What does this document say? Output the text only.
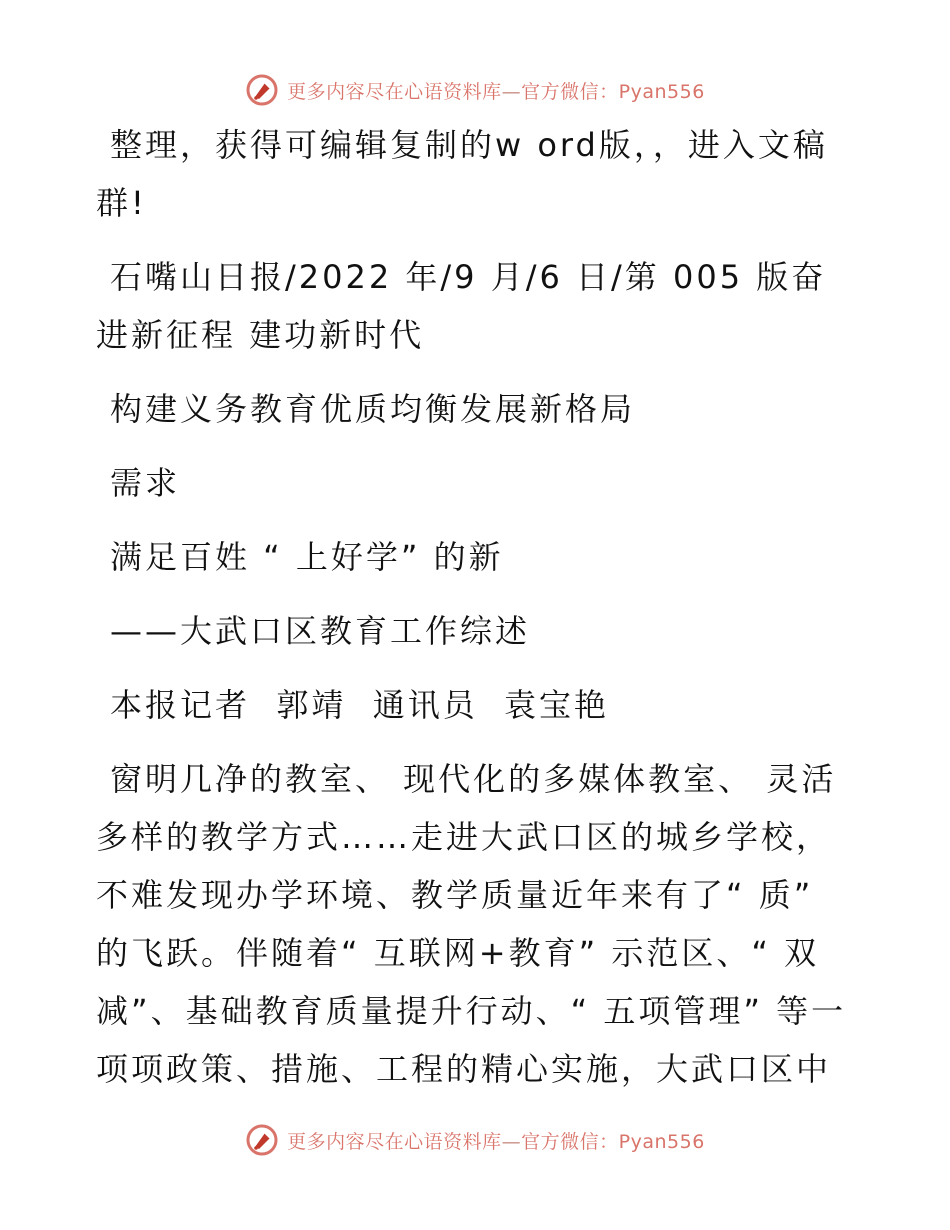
更多内容尽在心语资料库—官方微信：Pyan556

整理，获得可编辑复制的w ord版，，进入文稿群!

石嘴山日报/2022 年/9 月/6 日/第 005 版奋进新征程 建功新时代

构建义务教育优质均衡发展新格局

需求

满足百姓 “ 上好学” 的新

——大武口区教育工作综述

本报记者  郭靖  通讯员  袁宝艳

窗明几净的教室、 现代化的多媒体教室、 灵活多样的教学方式……走进大武口区的城乡学校，不难发现办学环境、教学质量近年来有了“ 质” 的飞跃。伴随着“ 互联网+教育” 示范区、“ 双减”、基础教育质量提升行动、“ 五项管理” 等一项项政策、措施、工程的精心实施，大武口区中

更多内容尽在心语资料库—官方微信：Pyan556
